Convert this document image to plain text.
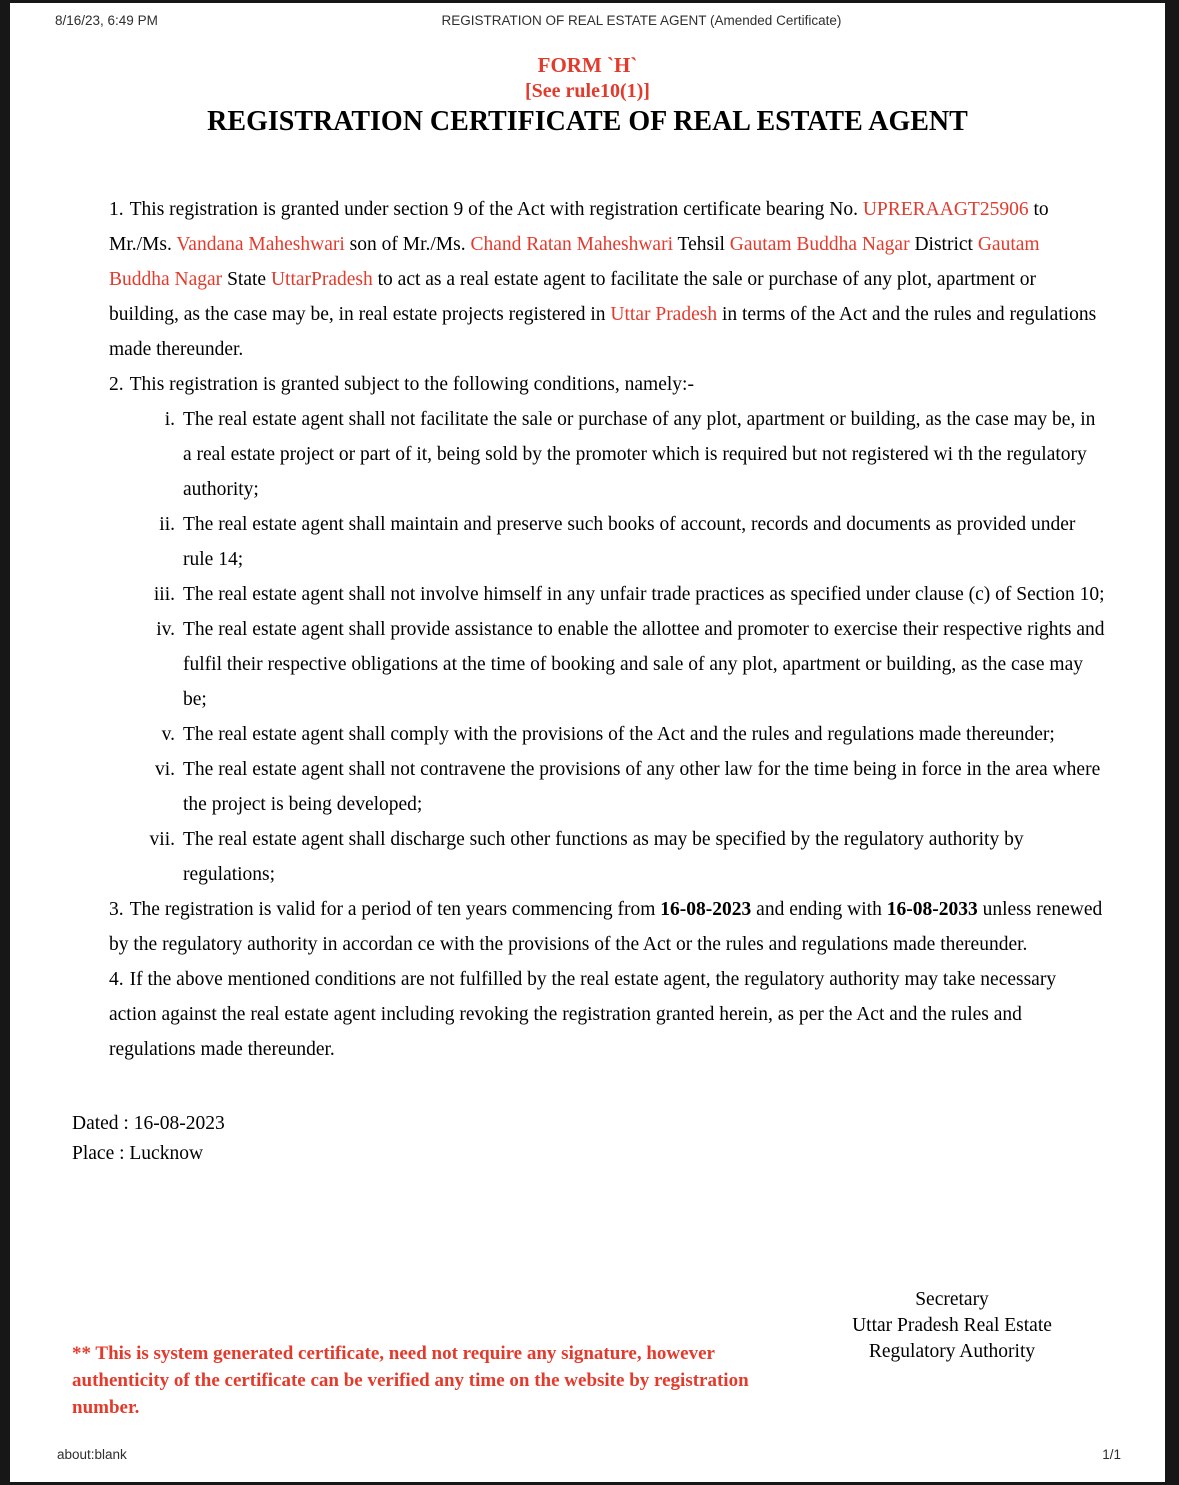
8/16/23, 6:49 PM	REGISTRATION OF REAL ESTATE AGENT (Amended Certificate)
FORM `H`
[See rule10(1)]
REGISTRATION CERTIFICATE OF REAL ESTATE AGENT
1. This registration is granted under section 9 of the Act with registration certificate bearing No. UPRERAAGT25906 to Mr./Ms. Vandana Maheshwari son of Mr./Ms. Chand Ratan Maheshwari Tehsil Gautam Buddha Nagar District Gautam Buddha Nagar State UttarPradesh to act as a real estate agent to facilitate the sale or purchase of any plot, apartment or building, as the case may be, in real estate projects registered in Uttar Pradesh in terms of the Act and the rules and regulations made thereunder.
2. This registration is granted subject to the following conditions, namely:-
i. The real estate agent shall not facilitate the sale or purchase of any plot, apartment or building, as the case may be, in a real estate project or part of it, being sold by the promoter which is required but not registered wi th the regulatory authority;
ii. The real estate agent shall maintain and preserve such books of account, records and documents as provided under rule 14;
iii. The real estate agent shall not involve himself in any unfair trade practices as specified under clause (c) of Section 10;
iv. The real estate agent shall provide assistance to enable the allottee and promoter to exercise their respective rights and fulfil their respective obligations at the time of booking and sale of any plot, apartment or building, as the case may be;
v. The real estate agent shall comply with the provisions of the Act and the rules and regulations made thereunder;
vi. The real estate agent shall not contravene the provisions of any other law for the time being in force in the area where the project is being developed;
vii. The real estate agent shall discharge such other functions as may be specified by the regulatory authority by regulations;
3. The registration is valid for a period of ten years commencing from 16-08-2023 and ending with 16-08-2033 unless renewed by the regulatory authority in accordan ce with the provisions of the Act or the rules and regulations made thereunder.
4. If the above mentioned conditions are not fulfilled by the real estate agent, the regulatory authority may take necessary action against the real estate agent including revoking the registration granted herein, as per the Act and the rules and regulations made thereunder.
Dated : 16-08-2023
Place : Lucknow
Secretary
Uttar Pradesh Real Estate
Regulatory Authority
** This is system generated certificate, need not require any signature, however authenticity of the certificate can be verified any time on the website by registration number.
about:blank	1/1
